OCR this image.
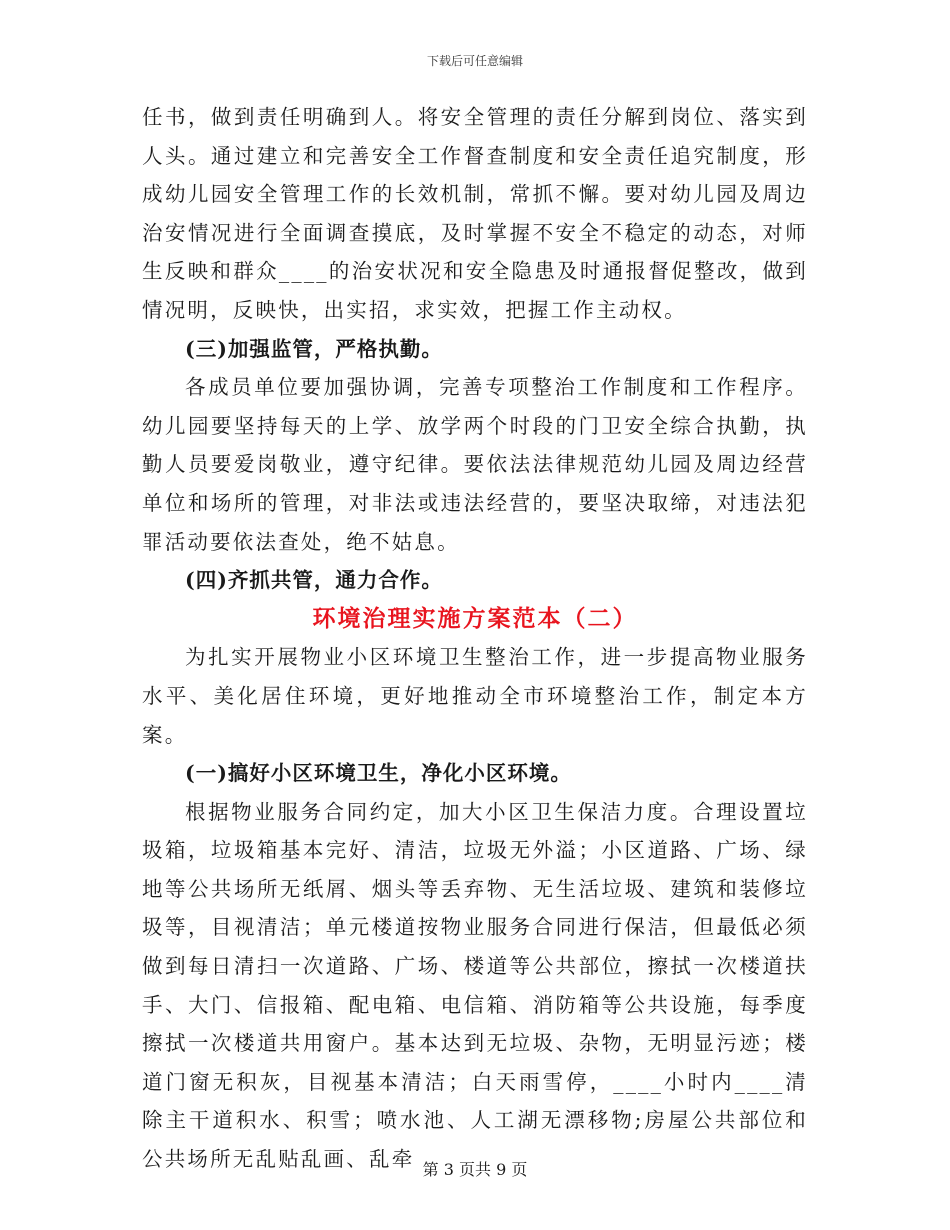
下载后可任意编辑

任书，做到责任明确到人。将安全管理的责任分解到岗位、落实到人头。通过建立和完善安全工作督查制度和安全责任追究制度，形成幼儿园安全管理工作的长效机制，常抓不懈。要对幼儿园及周边治安情况进行全面调查摸底，及时掌握不安全不稳定的动态，对师生反映和群众____的治安状况和安全隐患及时通报督促整改，做到情况明，反映快，出实招，求实效，把握工作主动权。

(三)加强监管，严格执勤。

各成员单位要加强协调，完善专项整治工作制度和工作程序。幼儿园要坚持每天的上学、放学两个时段的门卫安全综合执勤，执勤人员要爱岗敬业，遵守纪律。要依法法律规范幼儿园及周边经营单位和场所的管理，对非法或违法经营的，要坚决取缔，对违法犯罪活动要依法查处，绝不姑息。

(四)齐抓共管，通力合作。

环境治理实施方案范本（二）

为扎实开展物业小区环境卫生整治工作，进一步提高物业服务水平、美化居住环境，更好地推动全市环境整治工作，制定本方案。

(一)搞好小区环境卫生，净化小区环境。

根据物业服务合同约定，加大小区卫生保洁力度。合理设置垃圾箱，垃圾箱基本完好、清洁，垃圾无外溢；小区道路、广场、绿地等公共场所无纸屑、烟头等丢弃物、无生活垃圾、建筑和装修垃圾等，目视清洁；单元楼道按物业服务合同进行保洁，但最低必须做到每日清扫一次道路、广场、楼道等公共部位，擦拭一次楼道扶手、大门、信报箱、配电箱、电信箱、消防箱等公共设施，每季度擦拭一次楼道共用窗户。基本达到无垃圾、杂物，无明显污迹；楼道门窗无积灰，目视基本清洁；白天雨雪停，____小时内____清除主干道积水、积雪；喷水池、人工湖无漂移物;房屋公共部位和公共场所无乱贴乱画、乱牵 第 3 页共 9 页
